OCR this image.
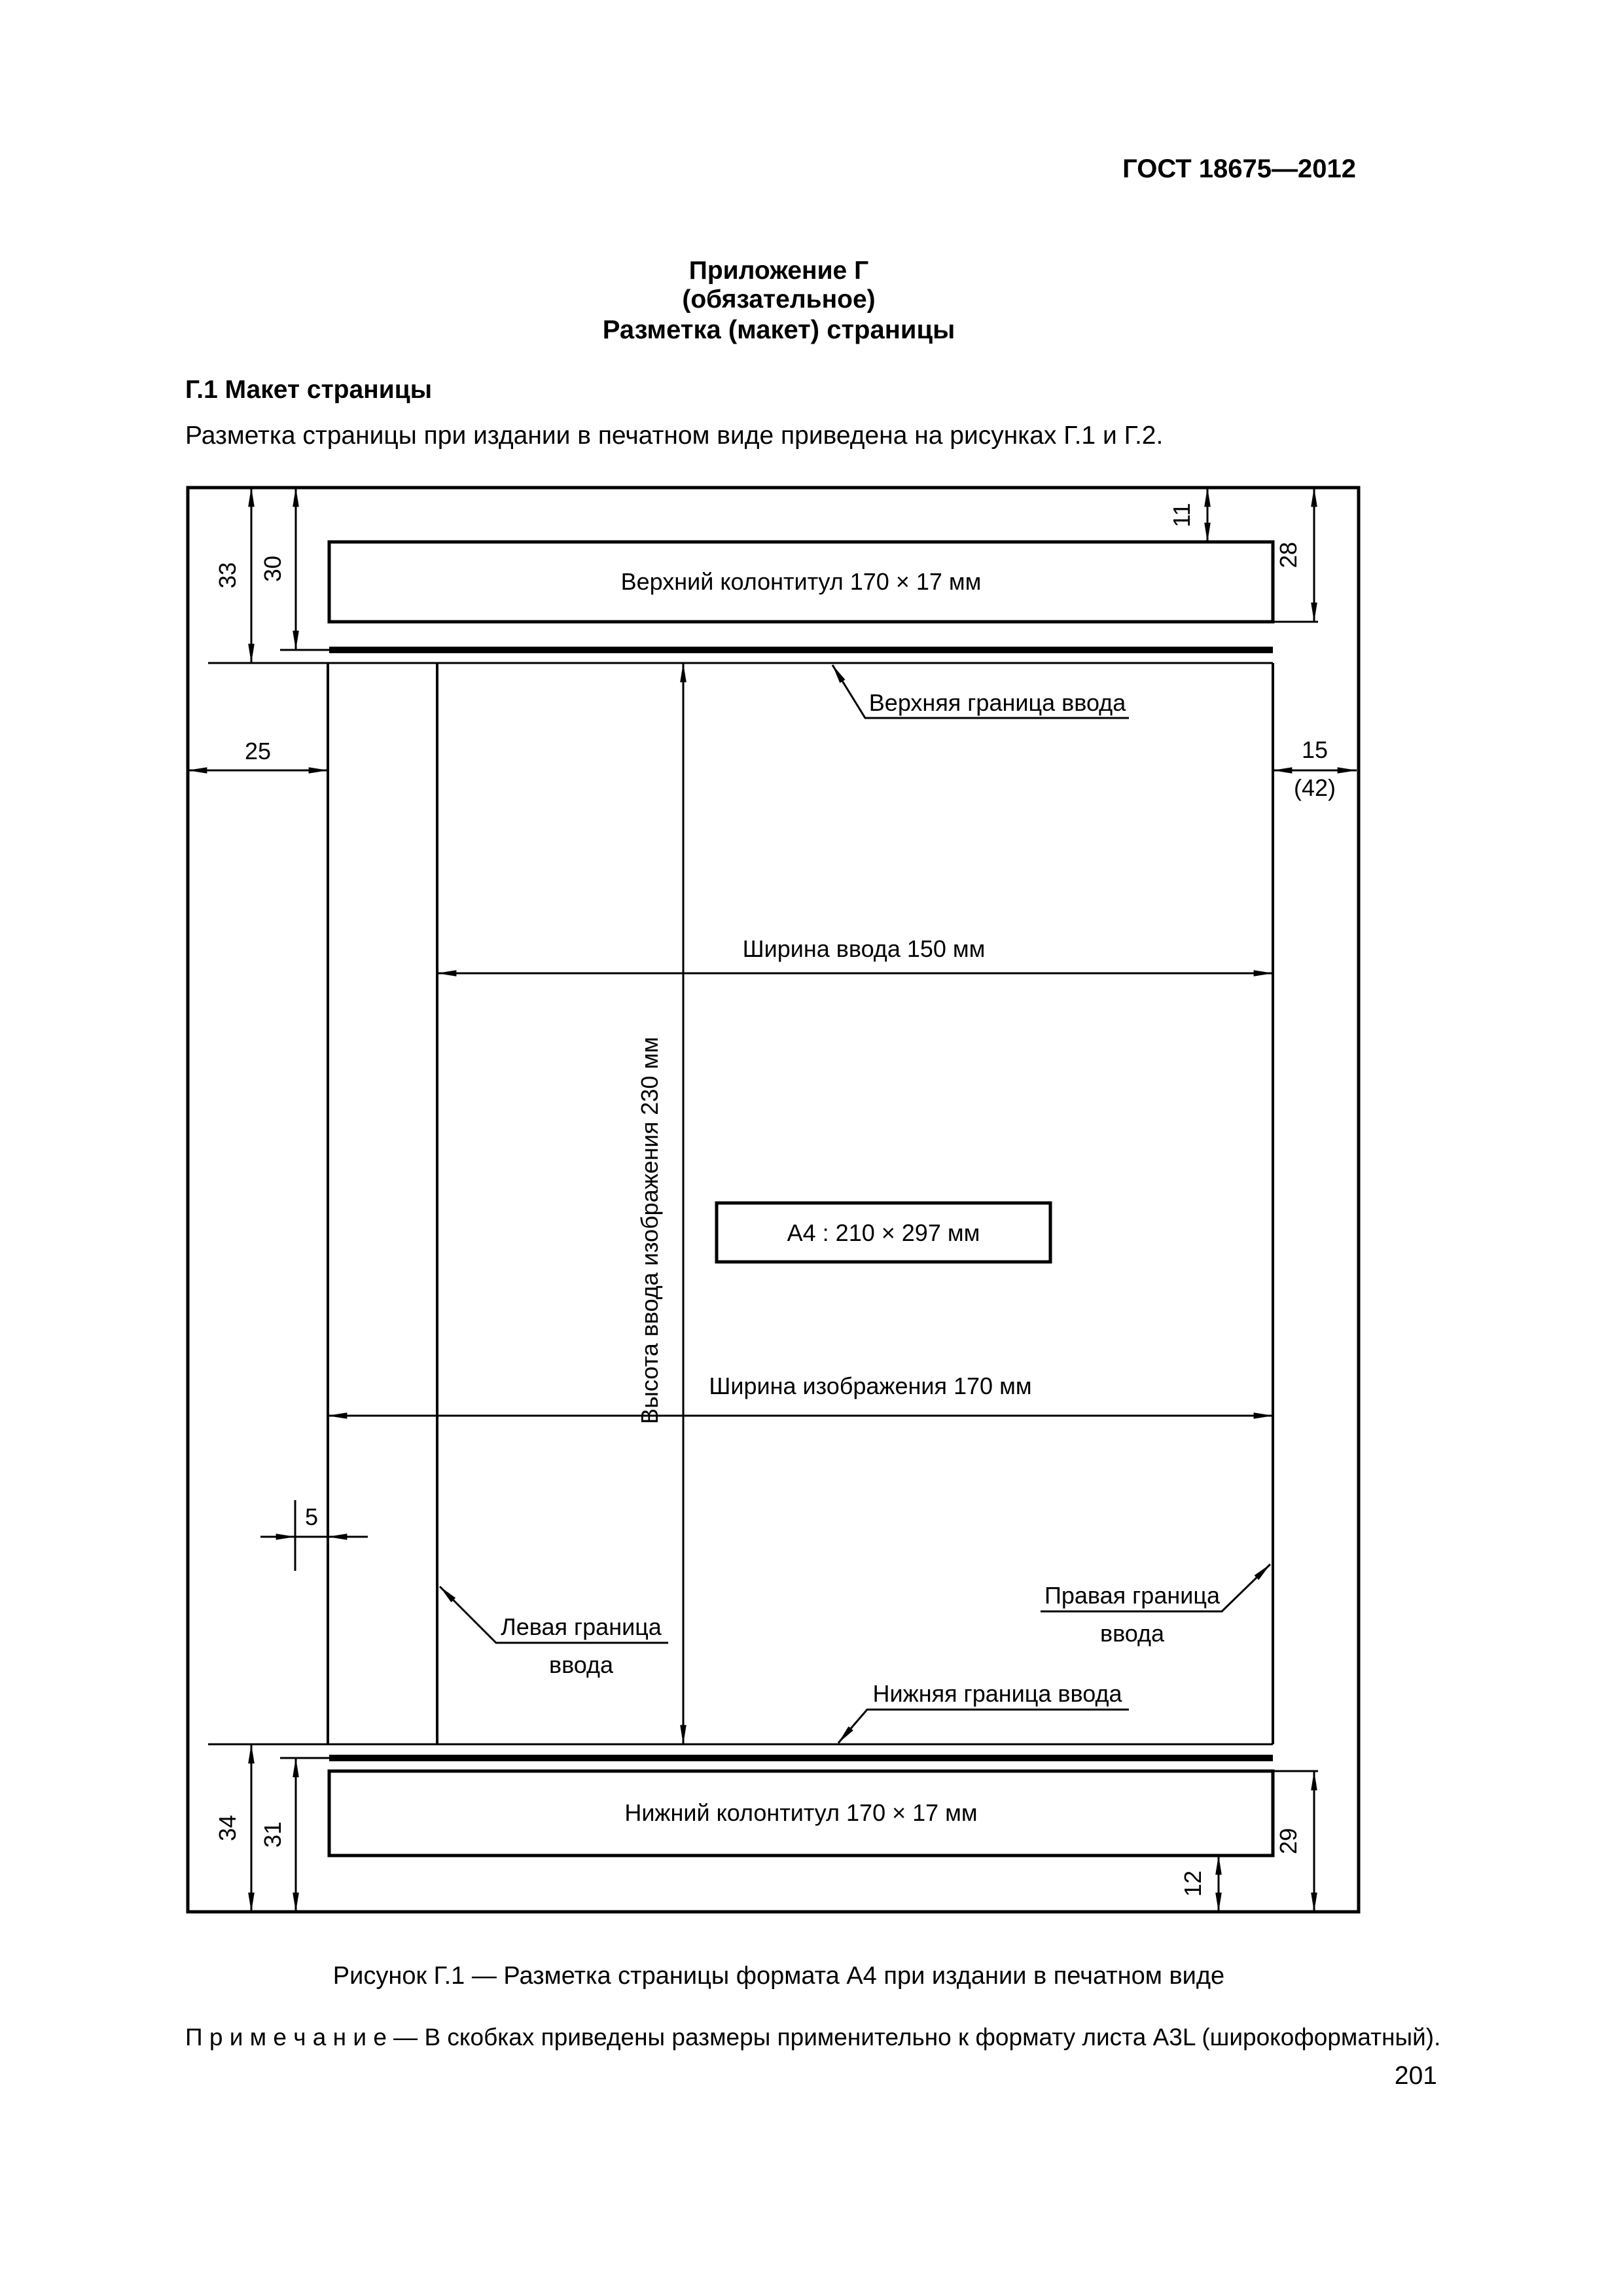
ГОСТ 18675—2012
Приложение Г
(обязательное)
Разметка (макет) страницы
Г.1 Макет страницы
Разметка страницы при издании в печатном виде приведена на рисунках Г.1 и Г.2.
Верхний колонтитул 170 × 17 мм
Нижний колонтитул 170 × 17 мм
А4 : 210 × 297 мм
33 30
11
28
34 31	29
12
25	15
(42)
Ширина ввода 150 мм
Ширина изображения 170 мм
Высота ввода изображения 230 мм
5
Верхняя граница ввода
Нижняя граница ввода
Левая граница
ввода
Правая граница
ввода
Рисунок Г.1 — Разметка страницы формата А4 при издании в печатном виде
П р и м е ч а н и е — В скобках приведены размеры применительно к формату листа A3L (широкоформатный).
201
